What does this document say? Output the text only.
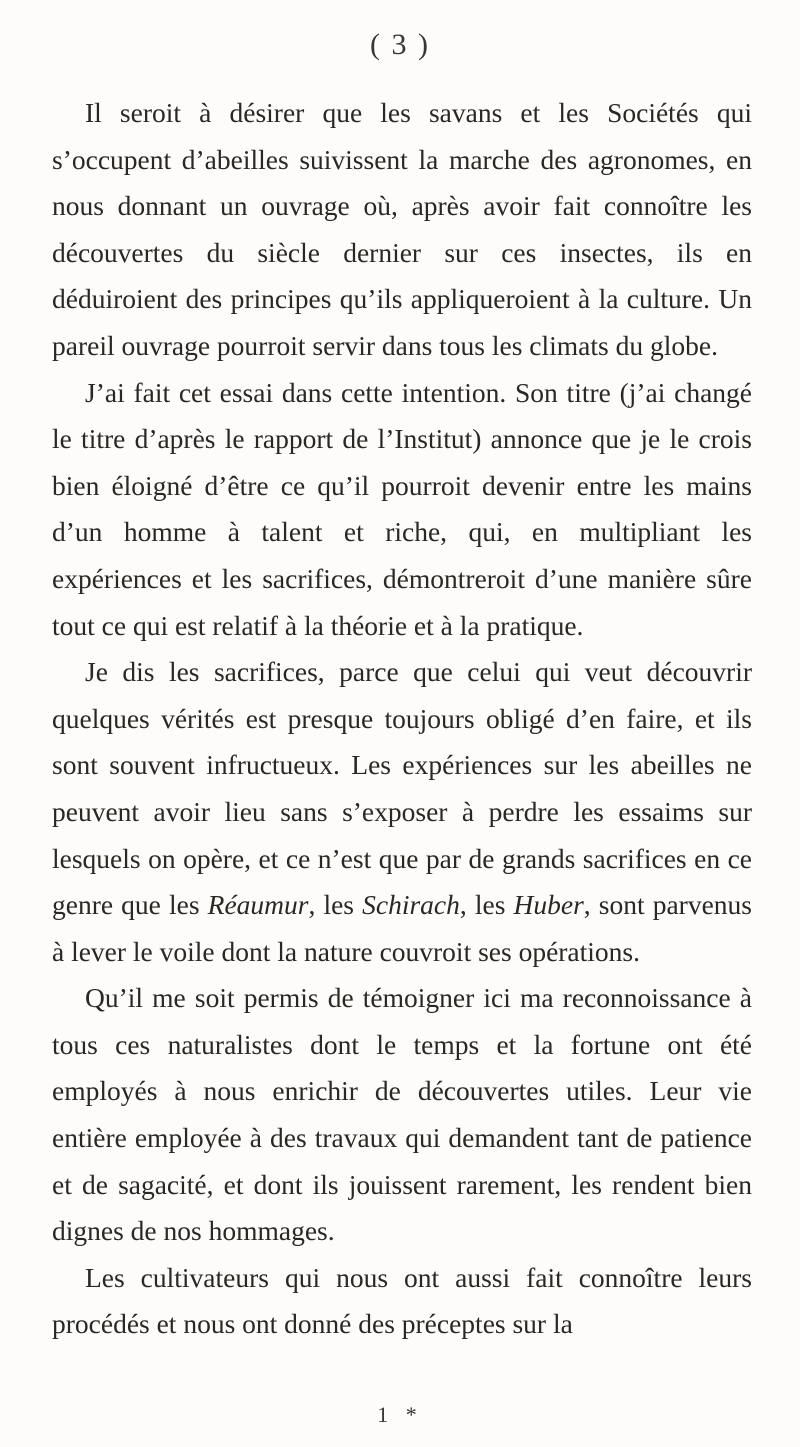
( 3 )

Il seroit à désirer que les savans et les Sociétés qui s’occupent d’abeilles suivissent la marche des agronomes, en nous donnant un ouvrage où, après avoir fait connoître les découvertes du siècle dernier sur ces insectes, ils en déduiroient des principes qu’ils appliqueroient à la culture. Un pareil ouvrage pourroit servir dans tous les climats du globe.

J’ai fait cet essai dans cette intention. Son titre (j’ai changé le titre d’après le rapport de l’Institut) annonce que je le crois bien éloigné d’être ce qu’il pourroit devenir entre les mains d’un homme à talent et riche, qui, en multipliant les expériences et les sacrifices, démontreroit d’une manière sûre tout ce qui est relatif à la théorie et à la pratique.

Je dis les sacrifices, parce que celui qui veut découvrir quelques vérités est presque toujours obligé d’en faire, et ils sont souvent infructueux. Les expériences sur les abeilles ne peuvent avoir lieu sans s’exposer à perdre les essaims sur lesquels on opère, et ce n’est que par de grands sacrifices en ce genre que les Réaumur, les Schirach, les Huber, sont parvenus à lever le voile dont la nature couvroit ses opérations.

Qu’il me soit permis de témoigner ici ma reconnoissance à tous ces naturalistes dont le temps et la fortune ont été employés à nous enrichir de découvertes utiles. Leur vie entière employée à des travaux qui demandent tant de patience et de sagacité, et dont ils jouissent rarement, les rendent bien dignes de nos hommages.

Les cultivateurs qui nous ont aussi fait connoître leurs procédés et nous ont donné des préceptes sur la

1 *
